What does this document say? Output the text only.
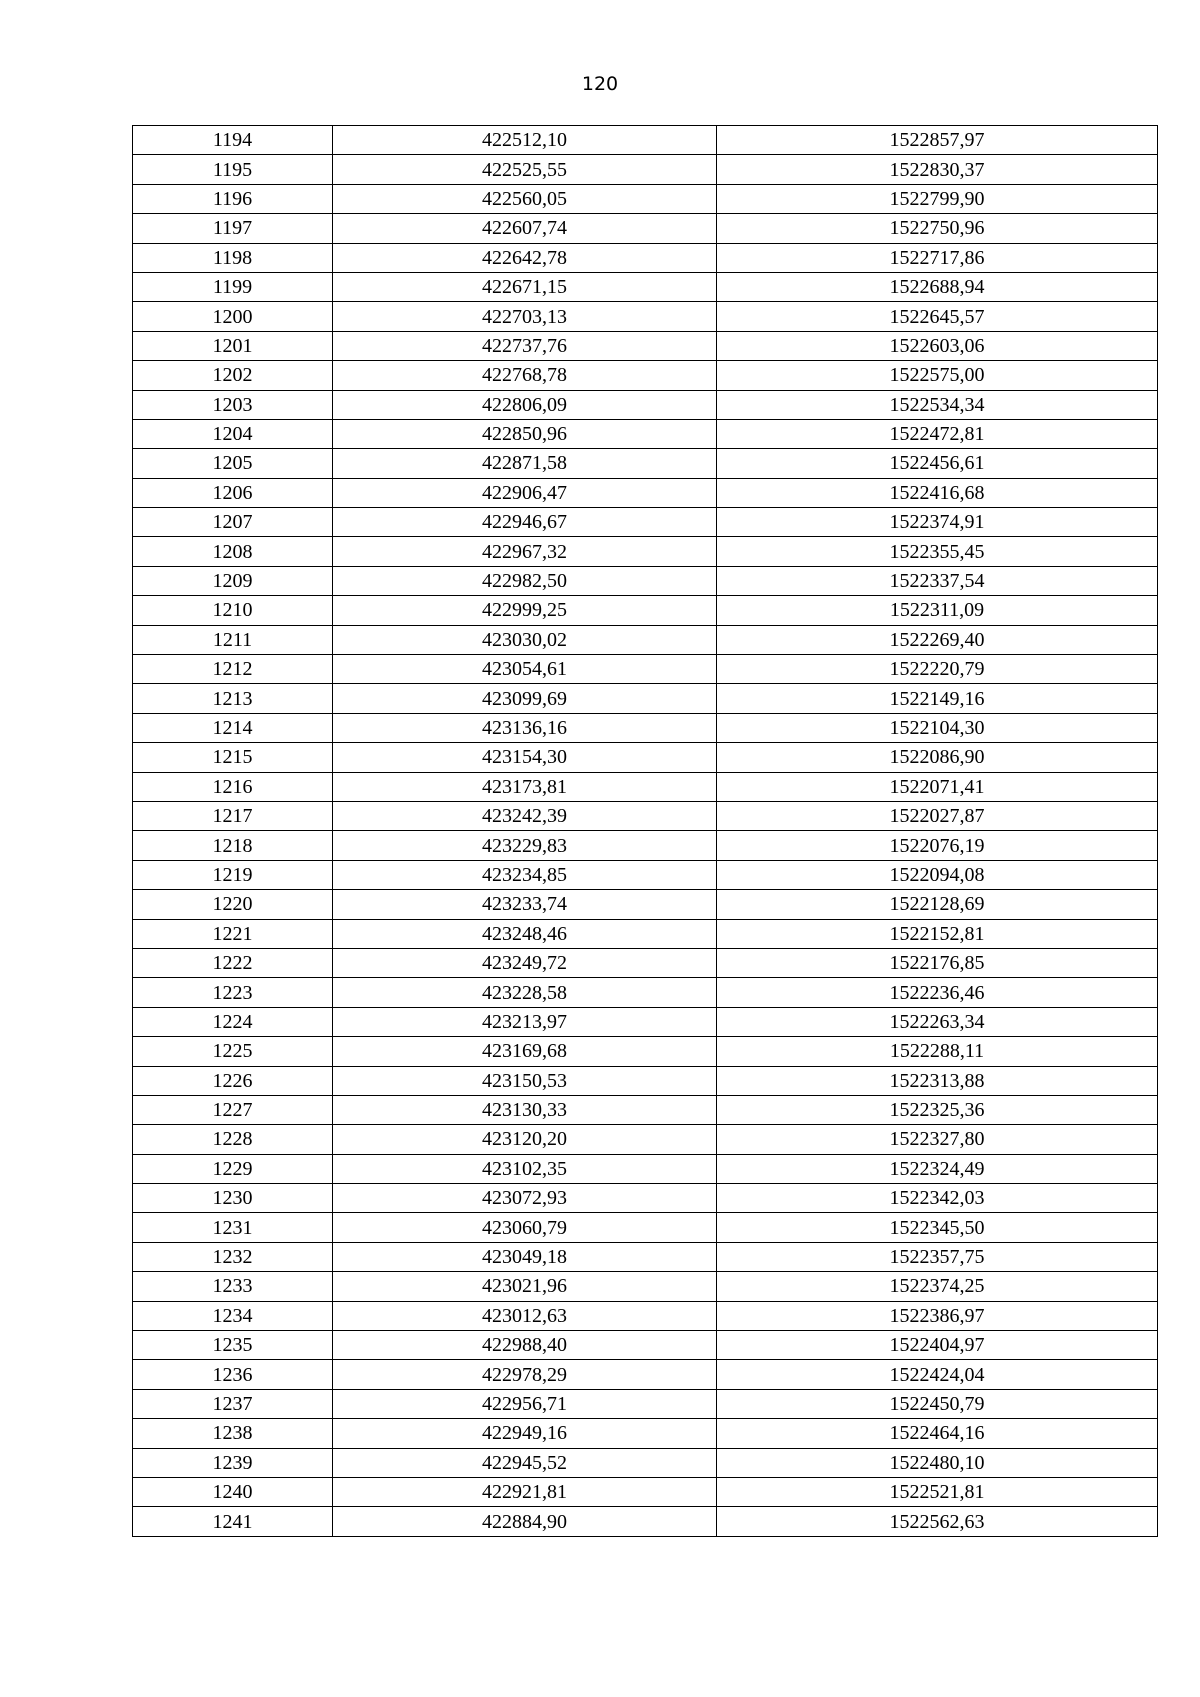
120
1194	422512,10	1522857,97
1195	422525,55	1522830,37
1196	422560,05	1522799,90
1197	422607,74	1522750,96
1198	422642,78	1522717,86
1199	422671,15	1522688,94
1200	422703,13	1522645,57
1201	422737,76	1522603,06
1202	422768,78	1522575,00
1203	422806,09	1522534,34
1204	422850,96	1522472,81
1205	422871,58	1522456,61
1206	422906,47	1522416,68
1207	422946,67	1522374,91
1208	422967,32	1522355,45
1209	422982,50	1522337,54
1210	422999,25	1522311,09
1211	423030,02	1522269,40
1212	423054,61	1522220,79
1213	423099,69	1522149,16
1214	423136,16	1522104,30
1215	423154,30	1522086,90
1216	423173,81	1522071,41
1217	423242,39	1522027,87
1218	423229,83	1522076,19
1219	423234,85	1522094,08
1220	423233,74	1522128,69
1221	423248,46	1522152,81
1222	423249,72	1522176,85
1223	423228,58	1522236,46
1224	423213,97	1522263,34
1225	423169,68	1522288,11
1226	423150,53	1522313,88
1227	423130,33	1522325,36
1228	423120,20	1522327,80
1229	423102,35	1522324,49
1230	423072,93	1522342,03
1231	423060,79	1522345,50
1232	423049,18	1522357,75
1233	423021,96	1522374,25
1234	423012,63	1522386,97
1235	422988,40	1522404,97
1236	422978,29	1522424,04
1237	422956,71	1522450,79
1238	422949,16	1522464,16
1239	422945,52	1522480,10
1240	422921,81	1522521,81
1241	422884,90	1522562,63
